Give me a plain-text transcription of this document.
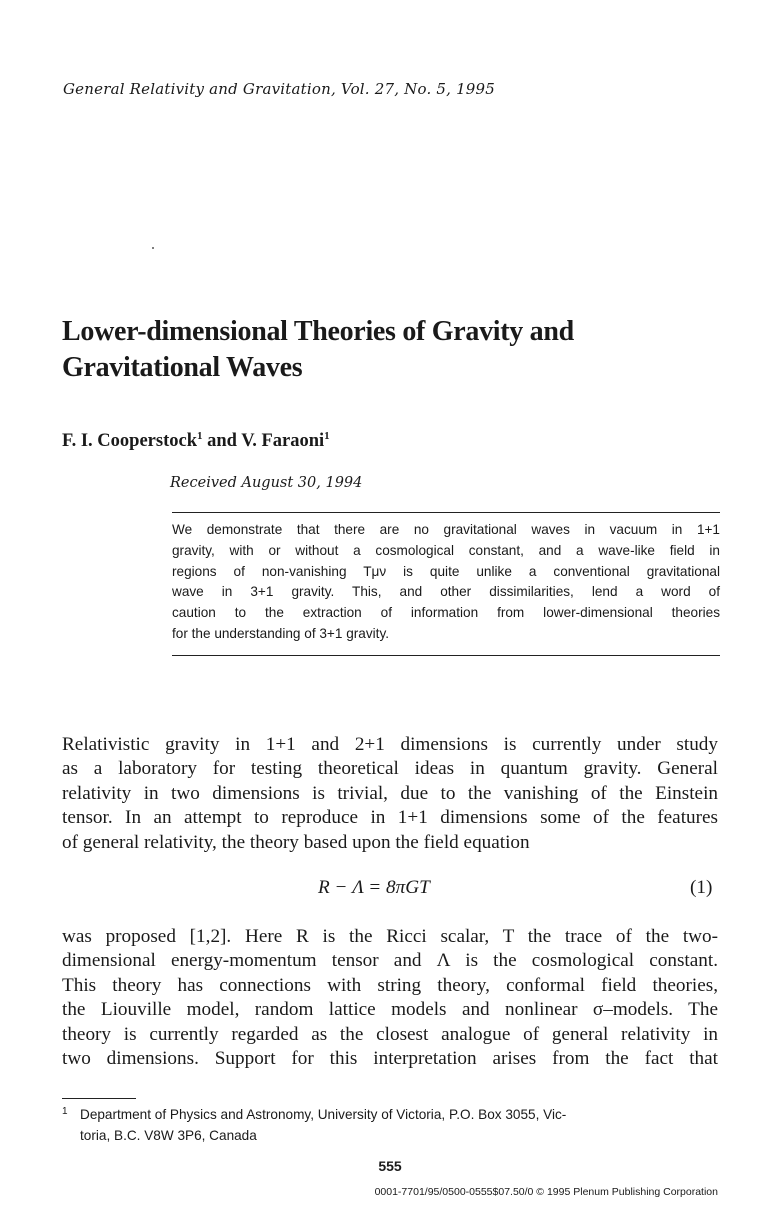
General Relativity and Gravitation, Vol. 27, No. 5, 1995
Lower-dimensional Theories of Gravity and
Gravitational Waves
F. I. Cooperstock$^1$ and V. Faraoni$^1$
Received August 30, 1994
We demonstrate that there are no gravitational waves in vacuum in 1+1
gravity, with or without a cosmological constant, and a wave-like field in
regions of non-vanishing Tμν is quite unlike a conventional gravitational
wave in 3+1 gravity. This, and other dissimilarities, lend a word of
caution to the extraction of information from lower-dimensional theories
for the understanding of 3+1 gravity.
Relativistic gravity in 1+1 and 2+1 dimensions is currently under study
as a laboratory for testing theoretical ideas in quantum gravity. General
relativity in two dimensions is trivial, due to the vanishing of the Einstein
tensor. In an attempt to reproduce in 1+1 dimensions some of the features
of general relativity, the theory based upon the field equation
R − Λ = 8πGT	(1)
was proposed [1,2]. Here R is the Ricci scalar, T the trace of the two-
dimensional energy-momentum tensor and Λ is the cosmological constant.
This theory has connections with string theory, conformal field theories,
the Liouville model, random lattice models and nonlinear σ–models. The
theory is currently regarded as the closest analogue of general relativity in
two dimensions. Support for this interpretation arises from the fact that
1 Department of Physics and Astronomy, University of Victoria, P.O. Box 3055, Vic-
toria, B.C. V8W 3P6, Canada
555
0001-7701/95/0500-0555$07.50/0 © 1995 Plenum Publishing Corporation
